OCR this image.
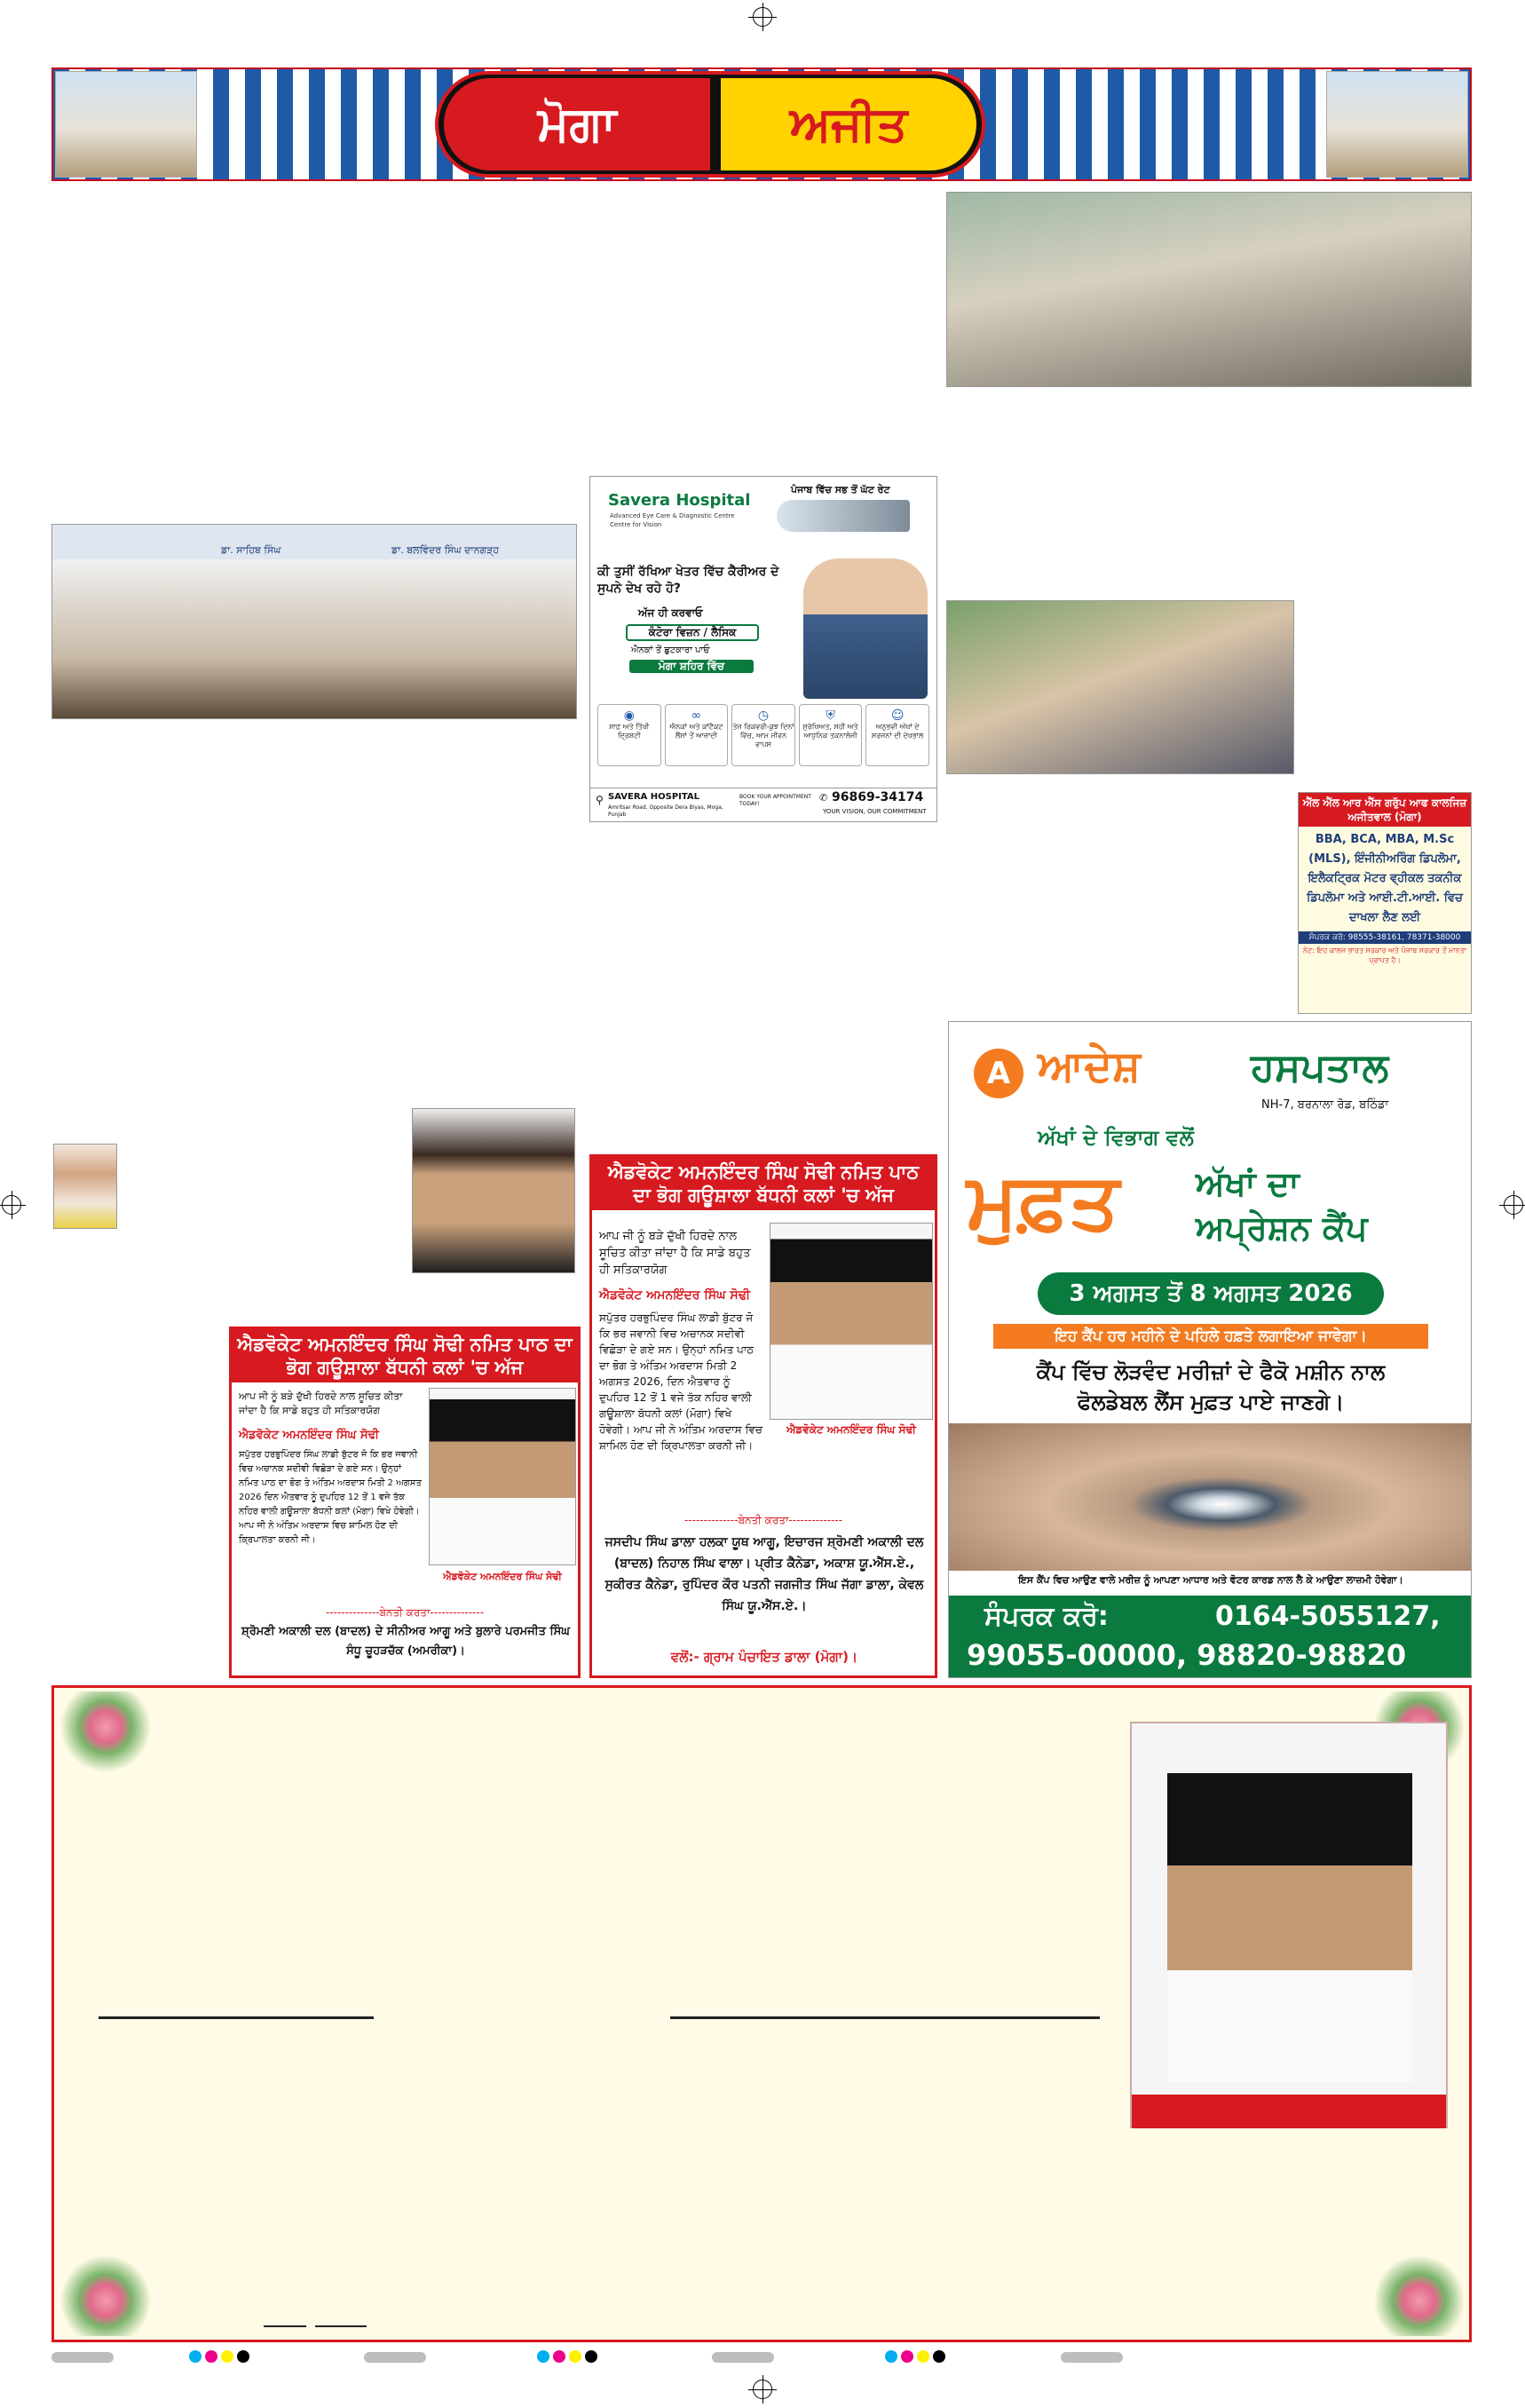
ਮੋਗਾ	ਅਜੀਤ
ਡਾ. ਸਾਹਿਬ ਸਿੰਘ	ਡਾ. ਬਲਵਿੰਦਰ ਸਿੰਘ ਦਾਨਗੜ੍ਹ
Savera Hospital
Advanced Eye Care & Diagnostic Centre
Centre for Vision
ਪੰਜਾਬ ਵਿੱਚ ਸਭ ਤੋਂ ਘੱਟ ਰੇਟ
ਕੀ ਤੁਸੀਂ ਰੱਖਿਆ ਖੇਤਰ ਵਿੱਚ ਕੈਰੀਅਰ ਦੇ ਸੁਪਨੇ ਦੇਖ ਰਹੇ ਹੋ?
ਅੱਜ ਹੀ ਕਰਵਾਓ
ਕੰਟੋਰਾ ਵਿਜ਼ਨ / ਲੈਸਿਕ
ਐਨਕਾਂ ਤੋਂ ਛੁਟਕਾਰਾ ਪਾਓ
ਮੋਗਾ ਸ਼ਹਿਰ ਵਿੱਚ
◉
ਸਾਫ਼ ਅਤੇ ਤਿੱਖੀ ਦ੍ਰਿਸ਼ਟੀ
∞
ਐਨਕਾਂ ਅਤੇ ਕਾਂਟੈਕਟ ਲੈਂਸਾਂ ਤੋਂ ਆਜ਼ਾਦੀ
◷
ਤੇਜ਼ ਰਿਕਵਰੀ-ਕੁਝ ਦਿਨਾਂ ਵਿੱਚ, ਆਮ ਜੀਵਨ ਵਾਪਸ
⛨
ਸੁਰੱਖਿਅਤ, ਸਹੀ ਅਤੇ ਆਧੁਨਿਕ ਤਕਨਾਲੋਜੀ
☺
ਅਨੁਭਵੀ ਅੱਖਾਂ ਦੇ ਸਰਜਨਾਂ ਦੀ ਦੇਖਭਾਲ
⚲ SAVERA HOSPITAL
Amritsar Road, Opposite Dera Biyas, Moga, Punjab
BOOK YOUR APPOINTMENT TODAY!
✆ 96869-34174
YOUR VISION, OUR COMMITMENT
ਐੱਲ ਐੱਲ ਆਰ ਐੱਸ ਗਰੁੱਪ ਆਫ ਕਾਲਜਿਜ਼ ਅਜੀਤਵਾਲ (ਮੋਗਾ)
BBA, BCA, MBA, M.Sc (MLS), ਇੰਜੀਨੀਅਰਿੰਗ ਡਿਪਲੋਮਾ, ਇਲੈਕਟ੍ਰਿਕ ਮੋਟਰ ਵ੍ਹੀਕਲ ਤਕਨੀਕ ਡਿਪਲੋਮਾ ਅਤੇ ਆਈ.ਟੀ.ਆਈ. ਵਿਚ ਦਾਖਲਾ ਲੈਣ ਲਈ
ਸੰਪਰਕ ਕਰੋ: 98555-38161, 78371-38000
ਨੋਟ: ਇਹ ਕਾਲਜ ਭਾਰਤ ਸਰਕਾਰ ਅਤੇ ਪੰਜਾਬ ਸਰਕਾਰ ਤੋਂ ਮਾਨਤਾ ਪ੍ਰਾਪਤ ਹੈ।
A ਆਦੇਸ਼	ਹਸਪਤਾਲ
NH-7, ਬਰਨਾਲਾ ਰੋਡ, ਬਠਿੰਡਾ
ਅੱਖਾਂ ਦੇ ਵਿਭਾਗ ਵਲੋਂ
ਮੁਫ਼ਤ ਅੱਖਾਂ ਦਾ
ਅਪ੍ਰੇਸ਼ਨ ਕੈਂਪ
3 ਅਗਸਤ ਤੋਂ 8 ਅਗਸਤ 2026
ਇਹ ਕੈਂਪ ਹਰ ਮਹੀਨੇ ਦੇ ਪਹਿਲੇ ਹਫ਼ਤੇ ਲਗਾਇਆ ਜਾਵੇਗਾ।
ਕੈਂਪ ਵਿੱਚ ਲੋੜਵੰਦ ਮਰੀਜ਼ਾਂ ਦੇ ਫੈਕੋ ਮਸ਼ੀਨ ਨਾਲ
ਫੋਲਡੇਬਲ ਲੈਂਸ ਮੁਫ਼ਤ ਪਾਏ ਜਾਣਗੇ।
ਇਸ ਕੈਂਪ ਵਿਚ ਆਉਣ ਵਾਲੇ ਮਰੀਜ਼ ਨੂੰ ਆਪਣਾ ਆਧਾਰ ਅਤੇ ਵੋਟਰ ਕਾਰਡ ਨਾਲ ਲੈ ਕੇ ਆਉਣਾ ਲਾਜ਼ਮੀ ਹੋਵੇਗਾ।
ਸੰਪਰਕ ਕਰੋ:	0164-5055127,
99055-00000, 98820-98820
ਐਡਵੋਕੇਟ ਅਮਨਇੰਦਰ ਸਿੰਘ ਸੋਢੀ ਨਮਿਤ ਪਾਠ ਦਾ ਭੋਗ ਗਊਸ਼ਾਲਾ ਬੱਧਨੀ ਕਲਾਂ 'ਚ ਅੱਜ
ਆਪ ਜੀ ਨੂੰ ਬੜੇ ਦੁੱਖੀ ਹਿਰਦੇ ਨਾਲ ਸੂਚਿਤ ਕੀਤਾ ਜਾਂਦਾ ਹੈ ਕਿ ਸਾਡੇ ਬਹੁਤ ਹੀ ਸਤਿਕਾਰਯੋਗ
ਐਡਵੋਕੇਟ ਅਮਨਇੰਦਰ ਸਿੰਘ ਸੋਢੀ
ਸਪੁੱਤਰ ਹਰਭੁਪਿੰਦਰ ਸਿੰਘ ਲਾਡੀ ਬੁੱਟਰ ਜੋ ਕਿ ਭਰ ਜਵਾਨੀ ਵਿਚ ਅਚਾਨਕ ਸਦੀਵੀ ਵਿਛੋੜਾ ਦੇ ਗਏ ਸਨ। ਉਨ੍ਹਾਂ ਨਮਿਤ ਪਾਠ ਦਾ ਭੋਗ ਤੇ ਅੰਤਿਮ ਅਰਦਾਸ ਮਿਤੀ 2 ਅਗਸਤ 2026, ਦਿਨ ਐਤਵਾਰ ਨੂੰ ਦੁਪਹਿਰ 12 ਤੋਂ 1 ਵਜੇ ਤੱਕ ਨਹਿਰ ਵਾਲੀ ਗਊਸ਼ਾਲਾ ਬੱਧਨੀ ਕਲਾਂ (ਮੋਗਾ) ਵਿਖੇ ਹੋਵੇਗੀ। ਆਪ ਜੀ ਨੇ ਅੰਤਿਮ ਅਰਦਾਸ ਵਿਚ ਸ਼ਾਮਿਲ ਹੋਣ ਦੀ ਕ੍ਰਿਪਾਲਤਾ ਕਰਨੀ ਜੀ।
ਐਡਵੋਕੇਟ ਅਮਨਇੰਦਰ ਸਿੰਘ ਸੋਢੀ
--------------ਬੇਨਤੀ ਕਰਤਾ--------------
ਜਸਦੀਪ ਸਿੰਘ ਡਾਲਾ ਹਲਕਾ ਯੂਥ ਆਗੂ, ਇਚਾਰਜ ਸ਼੍ਰੋਮਣੀ ਅਕਾਲੀ ਦਲ (ਬਾਦਲ) ਨਿਹਾਲ ਸਿੰਘ ਵਾਲਾ। ਪ੍ਰੀਤ ਕੈਨੇਡਾ, ਅਕਾਸ਼ ਯੂ.ਐੱਸ.ਏ., ਸੁਕੀਰਤ ਕੈਨੇਡਾ, ਰੁਪਿੰਦਰ ਕੌਰ ਪਤਨੀ ਜਗਜੀਤ ਸਿੰਘ ਜੱਗਾ ਡਾਲਾ, ਕੇਵਲ ਸਿੰਘ ਯੂ.ਐੱਸ.ਏ.।
ਵਲੋਂ:- ਗ੍ਰਾਮ ਪੰਚਾਇਤ ਡਾਲਾ (ਮੋਗਾ)।
ਐਡਵੋਕੇਟ ਅਮਨਇੰਦਰ ਸਿੰਘ ਸੋਢੀ ਨਮਿਤ ਪਾਠ ਦਾ ਭੋਗ ਗਊਸ਼ਾਲਾ ਬੱਧਨੀ ਕਲਾਂ 'ਚ ਅੱਜ
ਆਪ ਜੀ ਨੂੰ ਬੜੇ ਦੁੱਖੀ ਹਿਰਦੇ ਨਾਲ ਸੂਚਿਤ ਕੀਤਾ ਜਾਂਦਾ ਹੈ ਕਿ ਸਾਡੇ ਬਹੁਤ ਹੀ ਸਤਿਕਾਰਯੋਗ
ਐਡਵੋਕੇਟ ਅਮਨਇੰਦਰ ਸਿੰਘ ਸੋਢੀ
ਸਪੁੱਤਰ ਹਰਭੁਪਿੰਦਰ ਸਿੰਘ ਲਾਡੀ ਬੁੱਟਰ ਜੋ ਕਿ ਭਰ ਜਵਾਨੀ ਵਿਚ ਅਚਾਨਕ ਸਦੀਵੀ ਵਿਛੋੜਾ ਦੇ ਗਏ ਸਨ। ਉਨ੍ਹਾਂ ਨਮਿਤ ਪਾਠ ਦਾ ਭੋਗ ਤੇ ਅੰਤਿਮ ਅਰਦਾਸ ਮਿਤੀ 2 ਅਗਸਤ 2026 ਦਿਨ ਐਤਵਾਰ ਨੂੰ ਦੁਪਹਿਰ 12 ਤੋਂ 1 ਵਜੇ ਤੱਕ ਨਹਿਰ ਵਾਲੀ ਗਊਸ਼ਾਲਾ ਬੱਧਨੀ ਕਲਾਂ (ਮੋਗਾ) ਵਿਖੇ ਹੋਵੇਗੀ। ਆਪ ਜੀ ਨੇ ਅੰਤਿਮ ਅਰਦਾਸ ਵਿਚ ਸ਼ਾਮਿਲ ਹੋਣ ਦੀ ਕ੍ਰਿਪਾਲਤਾ ਕਰਨੀ ਜੀ।
ਐਡਵੋਕੇਟ ਅਮਨਇੰਦਰ ਸਿੰਘ ਸੋਢੀ
--------------ਬੇਨਤੀ ਕਰਤਾ--------------
ਸ਼੍ਰੋਮਣੀ ਅਕਾਲੀ ਦਲ (ਬਾਦਲ) ਦੇ ਸੀਨੀਅਰ ਆਗੂ ਅਤੇ ਬੁਲਾਰੇ ਪਰਮਜੀਤ ਸਿੰਘ ਸੰਧੂ ਚੂਹੜਚੱਕ (ਅਮਰੀਕਾ)।
